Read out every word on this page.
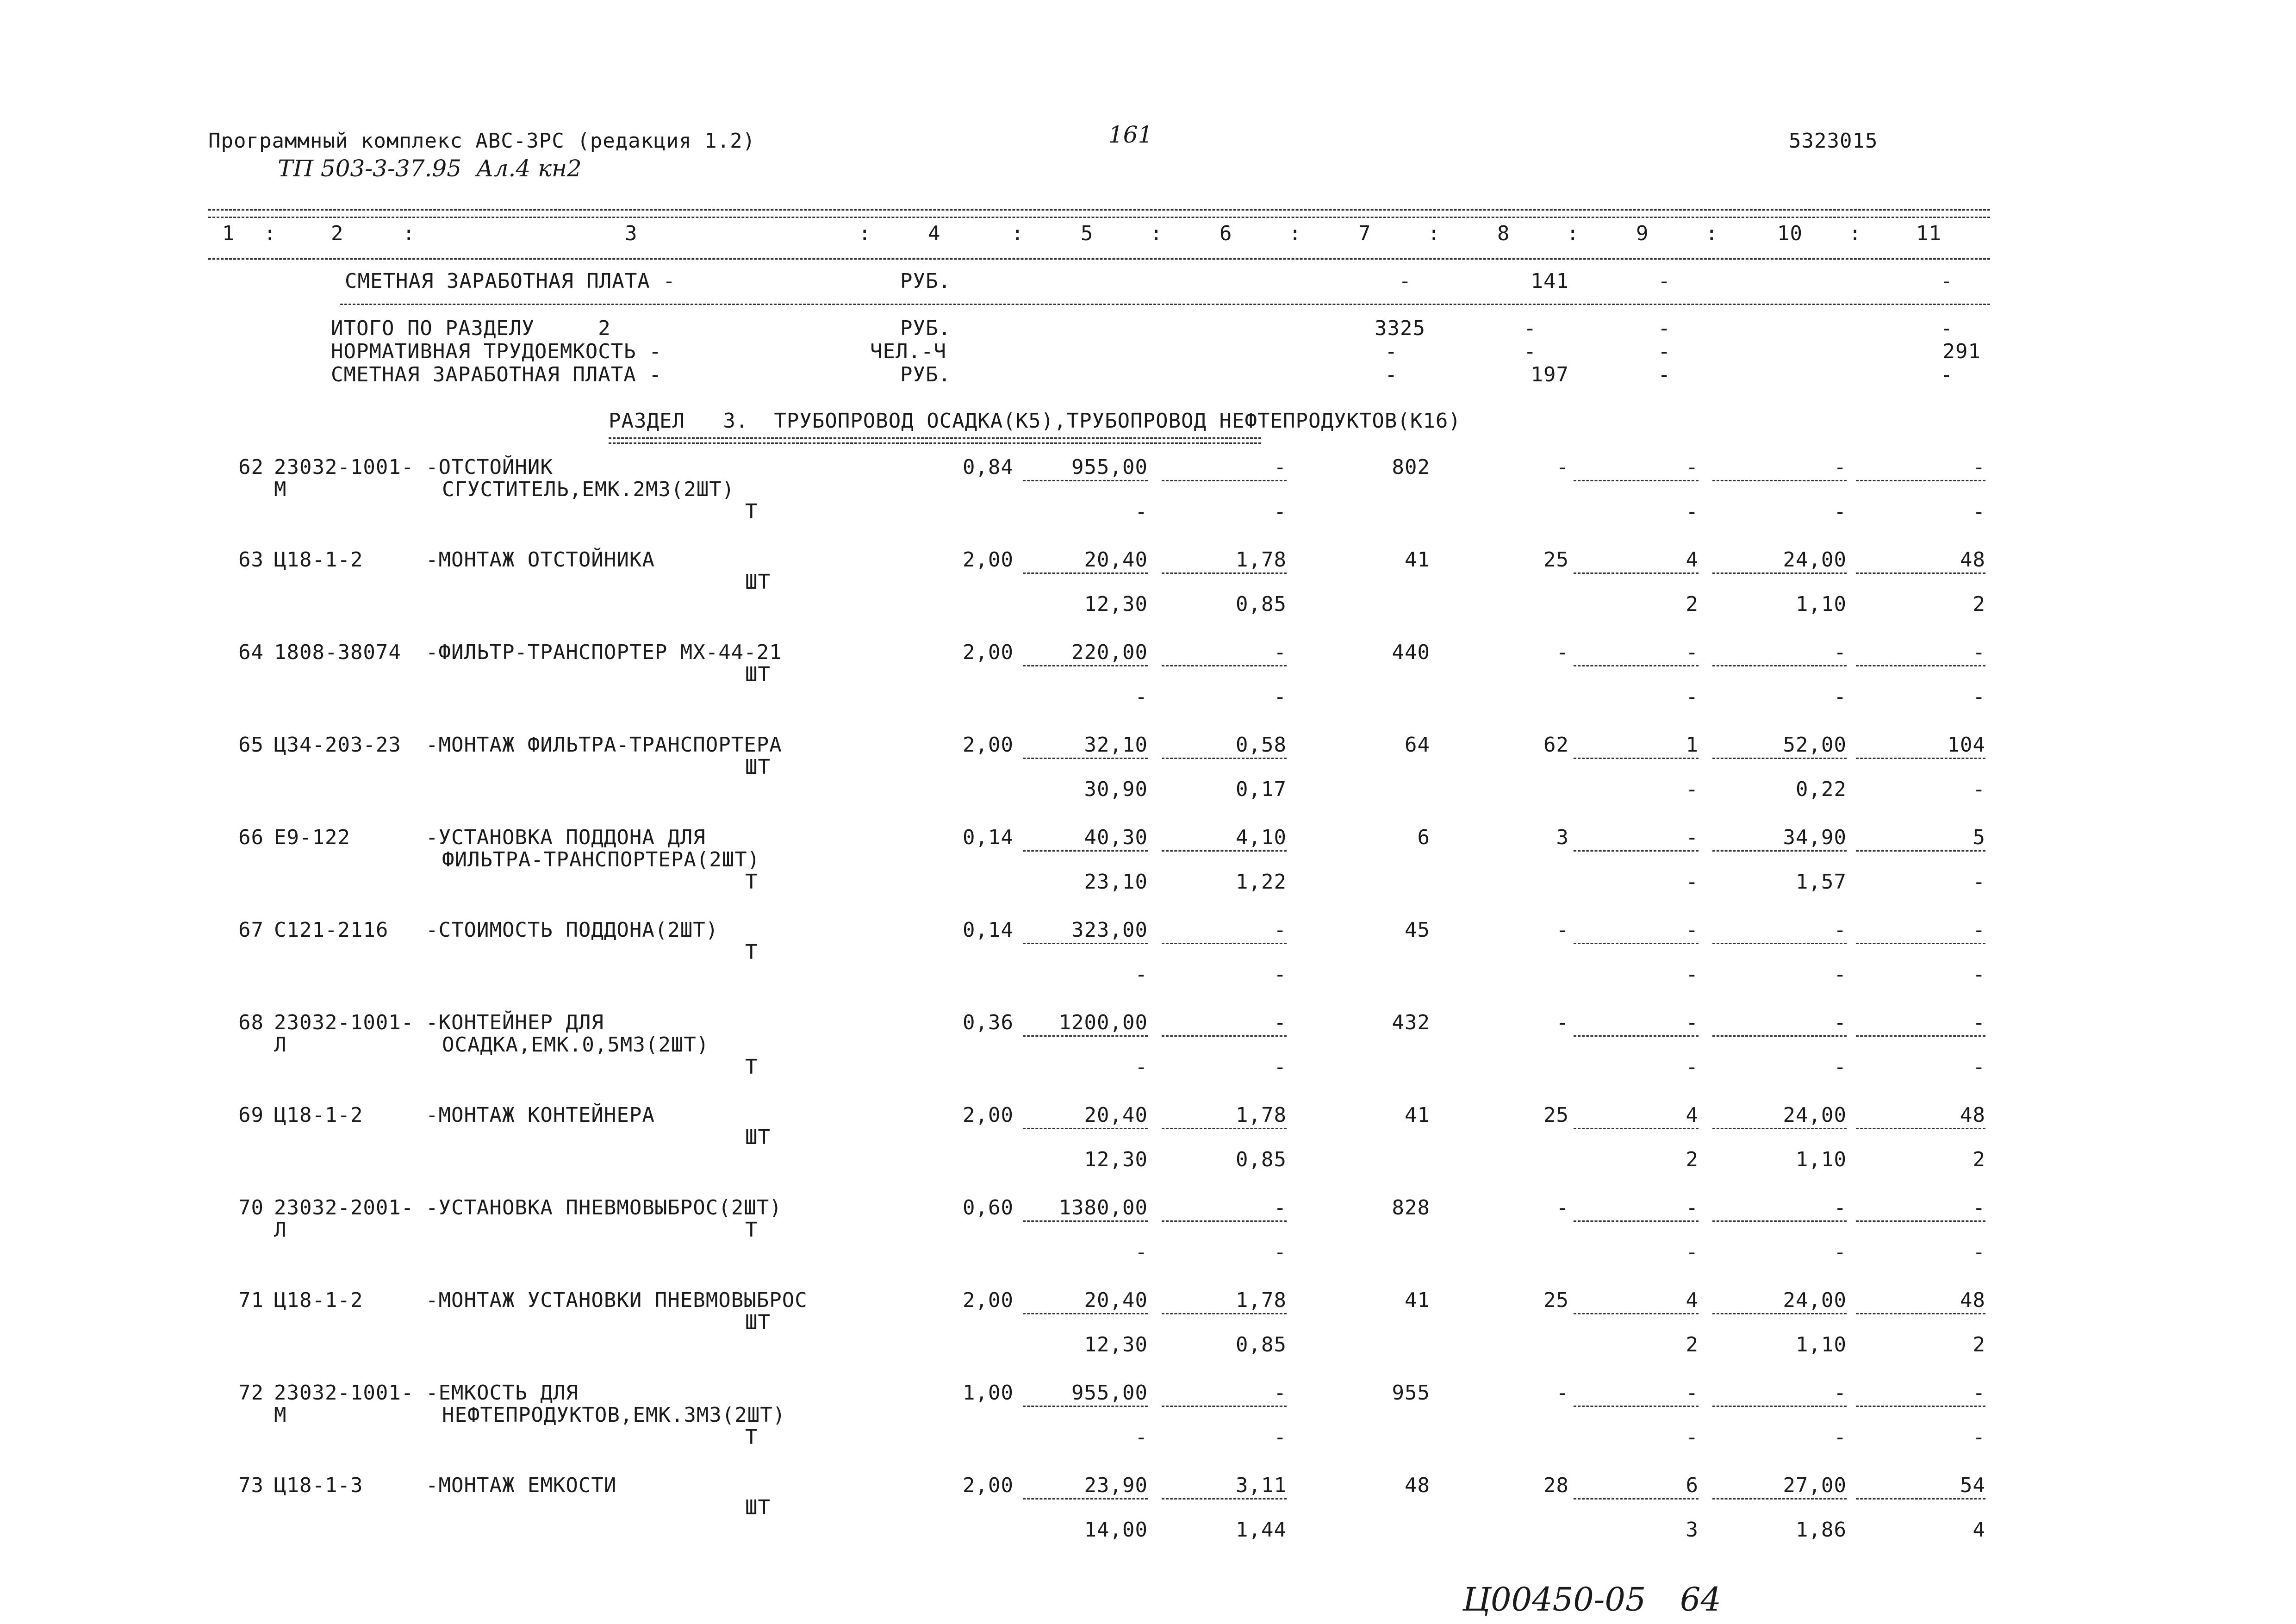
Программный комплекс АВС-3РС (редакция 1.2)
ТП 503-3-37.95  Ал.4 кн2
161	5323015
1 :	2	:	3	:	4	:	5	:	6	:	7	:	8	:	9	:	10 :	11
СМЕТНАЯ ЗАРАБОТНАЯ ПЛАТА -	РУБ.	-	141	-	-
ИТОГО ПО РАЗДЕЛУ     2	РУБ.	3325	-	-	-
НОРМАТИВНАЯ ТРУДОЕМКОСТЬ -	ЧЕЛ.-Ч	-	-	-	291
СМЕТНАЯ ЗАРАБОТНАЯ ПЛАТА -	РУБ.	-	197	-	-
РАЗДЕЛ   3.  ТРУБОПРОВОД ОСАДКА(К5),ТРУБОПРОВОД НЕФТЕПРОДУКТОВ(К16)
62 23032-1001-
М
-ОТСТОЙНИК
СГУСТИТЕЛЬ,ЕМК.2М3(2ШТ)
Т
0,84	955,00	-	802	-	-	-	-
-	-	-	-	-
63 Ц18-1-2	-МОНТАЖ ОТСТОЙНИКА
ШТ
2,00	20,40	1,78	41	25	4	24,00	48
12,30	0,85	2	1,10	2
64 1808-38074 -ФИЛЬТР-ТРАНСПОРТЕР МХ-44-21
ШТ
2,00	220,00	-	440	-	-	-	-
-	-	-	-	-
65 Ц34-203-23 -МОНТАЖ ФИЛЬТРА-ТРАНСПОРТЕРА
ШТ
2,00	32,10	0,58	64	62	1	52,00	104
30,90	0,17	-	0,22	-
66 Е9-122	-УСТАНОВКА ПОДДОНА ДЛЯ
ФИЛЬТРА-ТРАНСПОРТЕРА(2ШТ)
Т
0,14	40,30	4,10	6	3	-	34,90	5
23,10	1,22	-	1,57	-
67 С121-2116 -СТОИМОСТЬ ПОДДОНА(2ШТ)
Т
0,14	323,00	-	45	-	-	-	-
-	-	-	-	-
68 23032-1001-
Л
-КОНТЕЙНЕР ДЛЯ
ОСАДКА,ЕМК.0,5М3(2ШТ)
Т
0,36	1200,00	-	432	-	-	-	-
-	-	-	-	-
69 Ц18-1-2	-МОНТАЖ КОНТЕЙНЕРА
ШТ
2,00	20,40	1,78	41	25	4	24,00	48
12,30	0,85	2	1,10	2
70 23032-2001-
Л
-УСТАНОВКА ПНЕВМОВЫБРОС(2ШТ)
Т
0,60	1380,00	-	828	-	-	-	-
-	-	-	-	-
71 Ц18-1-2	-МОНТАЖ УСТАНОВКИ ПНЕВМОВЫБРОС
ШТ
2,00	20,40	1,78	41	25	4	24,00	48
12,30	0,85	2	1,10	2
72 23032-1001-
М
-ЕМКОСТЬ ДЛЯ
НЕФТЕПРОДУКТОВ,ЕМК.3М3(2ШТ)
Т
1,00	955,00	-	955	-	-	-	-
-	-	-	-	-
73 Ц18-1-3	-МОНТАЖ ЕМКОСТИ
ШТ
2,00	23,90	3,11	48	28	6	27,00	54
14,00	1,44	3	1,86	4
Ц00450-05 64
